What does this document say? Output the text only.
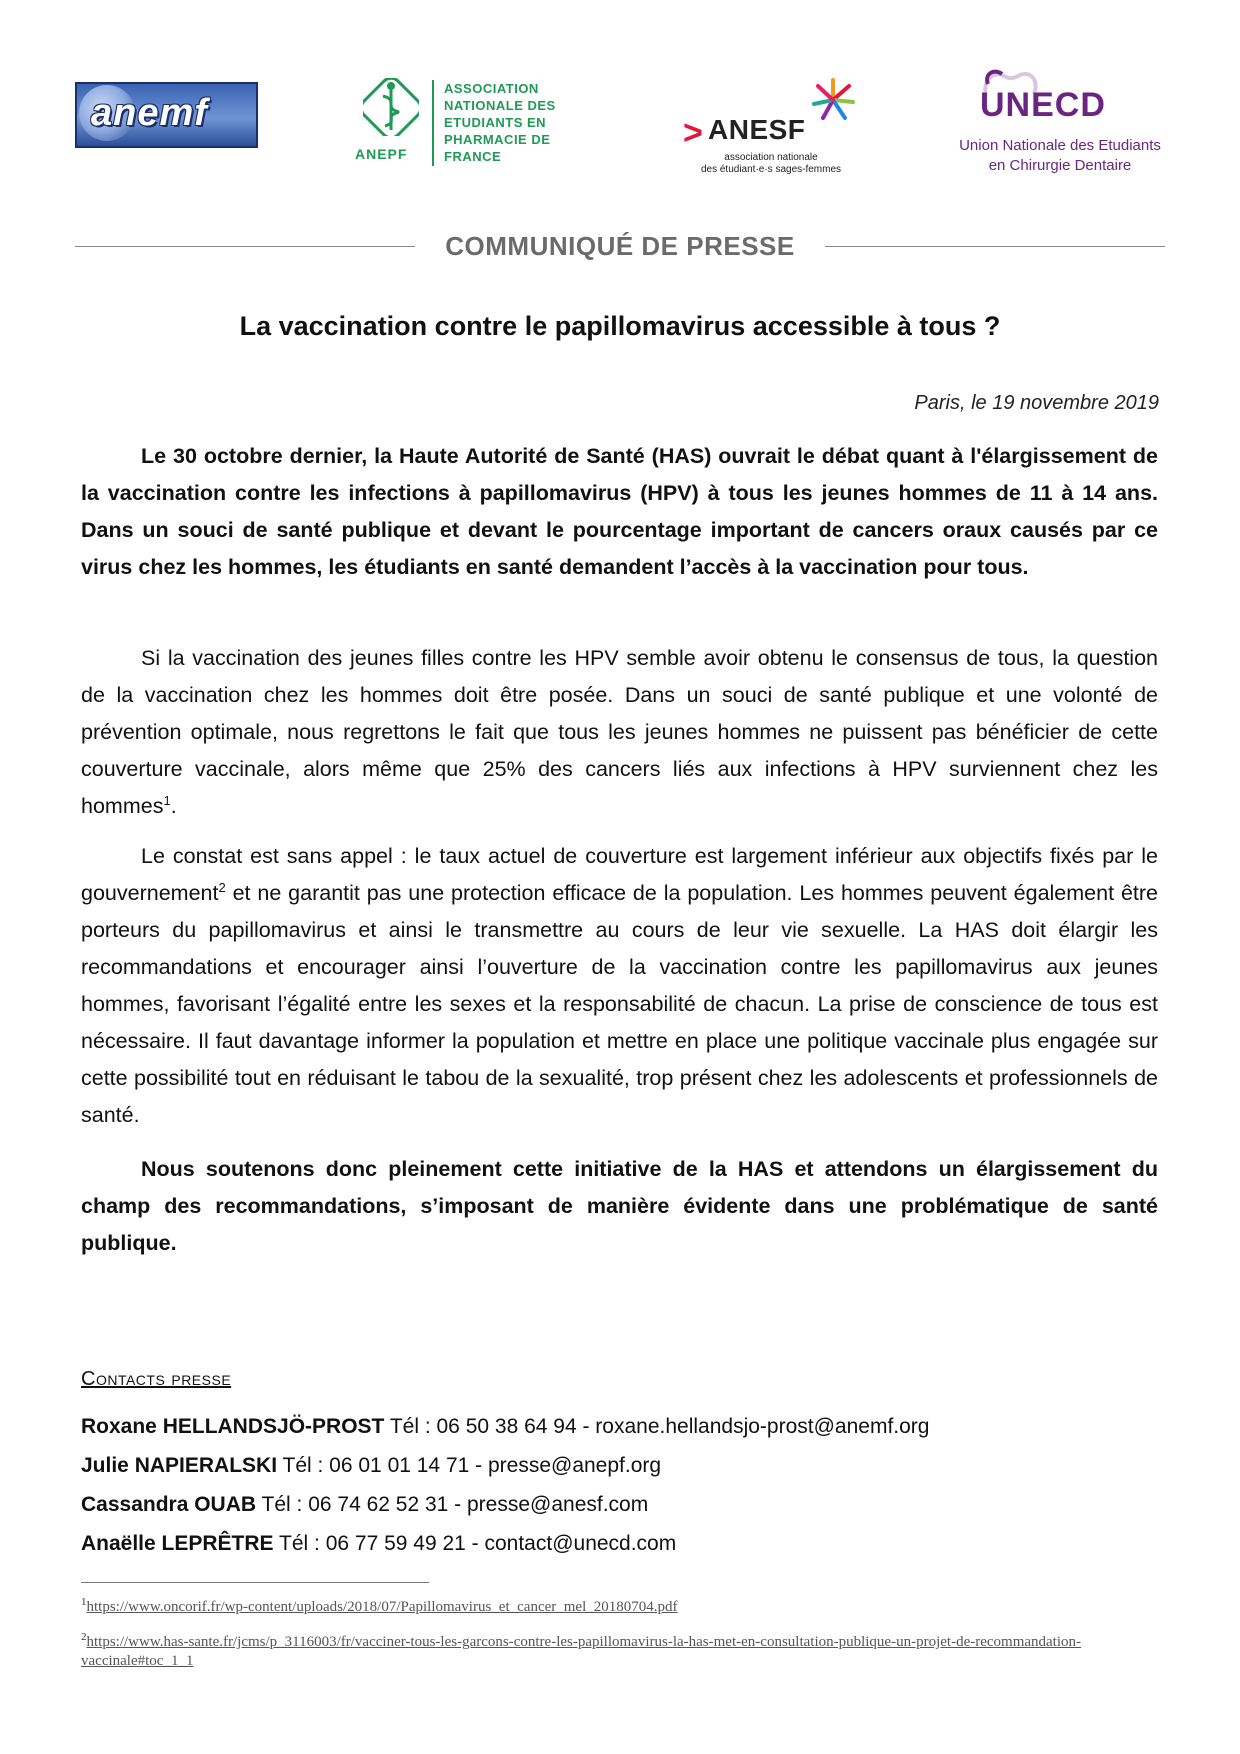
anemf
ANEPF
ASSOCIATION
NATIONALE DES
ETUDIANTS EN
PHARMACIE DE
FRANCE
> ANESF
association nationale
des étudiant·e·s sages-femmes
UNECD
Union Nationale des Etudiants
en Chirurgie Dentaire
COMMUNIQUÉ DE PRESSE
La vaccination contre le papillomavirus accessible à tous ?
Paris, le 19 novembre 2019

Le 30 octobre dernier, la Haute Autorité de Santé (HAS) ouvrait le débat quant à l'élargissement de la vaccination contre les infections à papillomavirus (HPV) à tous les jeunes hommes de 11 à 14 ans. Dans un souci de santé publique et devant le pourcentage important de cancers oraux causés par ce virus chez les hommes, les étudiants en santé demandent l’accès à la vaccination pour tous.

Si la vaccination des jeunes filles contre les HPV semble avoir obtenu le consensus de tous, la question de la vaccination chez les hommes doit être posée. Dans un souci de santé publique et une volonté de prévention optimale, nous regrettons le fait que tous les jeunes hommes ne puissent pas bénéficier de cette couverture vaccinale, alors même que 25% des cancers liés aux infections à HPV surviennent chez les hommes$^1$.

Le constat est sans appel : le taux actuel de couverture est largement inférieur aux objectifs fixés par le gouvernement$^2$ et ne garantit pas une protection efficace de la population. Les hommes peuvent également être porteurs du papillomavirus et ainsi le transmettre au cours de leur vie sexuelle. La HAS doit élargir les recommandations et encourager ainsi l’ouverture de la vaccination contre les papillomavirus aux jeunes hommes, favorisant l’égalité entre les sexes et la responsabilité de chacun. La prise de conscience de tous est nécessaire. Il faut davantage informer la population et mettre en place une politique vaccinale plus engagée sur cette possibilité tout en réduisant le tabou de la sexualité, trop présent chez les adolescents et professionnels de santé.

Nous soutenons donc pleinement cette initiative de la HAS et attendons un élargissement du champ des recommandations, s’imposant de manière évidente dans une problématique de santé publique.

Contacts presse
Roxane HELLANDSJÖ-PROST Tél : 06 50 38 64 94 - roxane.hellandsjo-prost@anemf.org
Julie NAPIERALSKI Tél : 06 01 01 14 71 - presse@anepf.org
Cassandra OUAB Tél : 06 74 62 52 31 - presse@anesf.com
Anaëlle LEPRÊTRE Tél : 06 77 59 49 21 - contact@unecd.com
$^1$https://www.oncorif.fr/wp-content/uploads/2018/07/Papillomavirus_et_cancer_mel_20180704.pdf
$^2$https://www.has-sante.fr/jcms/p_3116003/fr/vacciner-tous-les-garcons-contre-les-papillomavirus-la-has-met-en-consultation-publique-un-projet-de-recommandation-vaccinale#toc_1_1
